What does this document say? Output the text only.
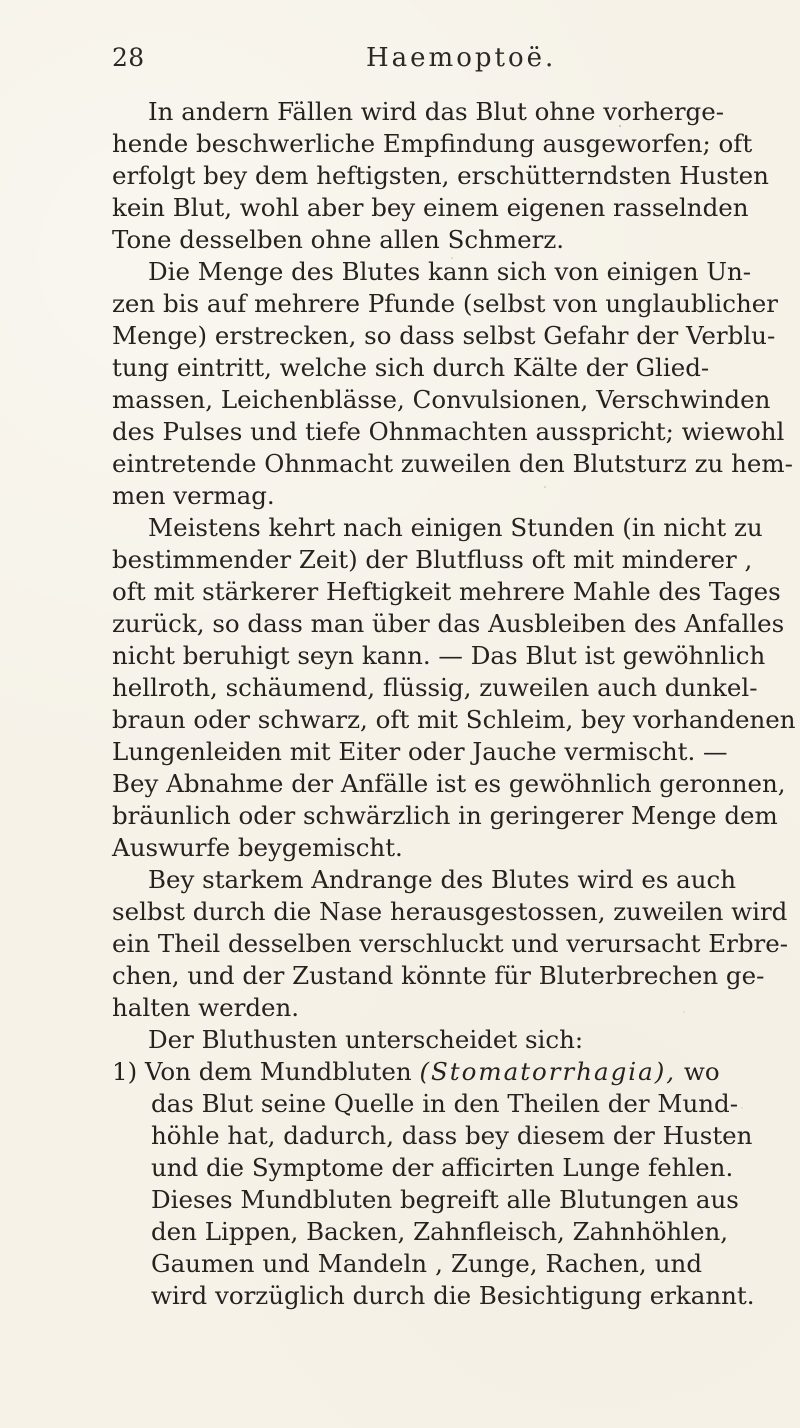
28	Haemoptoë.
In andern Fällen wird das Blut ohne vorherge-
hende beschwerliche Empfindung ausgeworfen; oft
erfolgt bey dem heftigsten, erschütterndsten Husten
kein Blut, wohl aber bey einem eigenen rasselnden
Tone desselben ohne allen Schmerz.
Die Menge des Blutes kann sich von einigen Un-
zen bis auf mehrere Pfunde (selbst von unglaublicher
Menge) erstrecken, so dass selbst Gefahr der Verblu-
tung eintritt, welche sich durch Kälte der Glied-
massen, Leichenblässe, Convulsionen, Verschwinden
des Pulses und tiefe Ohnmachten ausspricht; wiewohl
eintretende Ohnmacht zuweilen den Blutsturz zu hem-
men vermag.
Meistens kehrt nach einigen Stunden (in nicht zu
bestimmender Zeit) der Blutfluss oft mit minderer ,
oft mit stärkerer Heftigkeit mehrere Mahle des Tages
zurück, so dass man über das Ausbleiben des Anfalles
nicht beruhigt seyn kann. — Das Blut ist gewöhnlich
hellroth, schäumend, flüssig, zuweilen auch dunkel-
braun oder schwarz, oft mit Schleim, bey vorhandenen
Lungenleiden mit Eiter oder Jauche vermischt. —
Bey Abnahme der Anfälle ist es gewöhnlich geronnen,
bräunlich oder schwärzlich in geringerer Menge dem
Auswurfe beygemischt.
Bey starkem Andrange des Blutes wird es auch
selbst durch die Nase herausgestossen, zuweilen wird
ein Theil desselben verschluckt und verursacht Erbre-
chen, und der Zustand könnte für Bluterbrechen ge-
halten werden.
Der Bluthusten unterscheidet sich:
1) Von dem Mundbluten (Stomatorrhagia), wo
das Blut seine Quelle in den Theilen der Mund-
höhle hat, dadurch, dass bey diesem der Husten
und die Symptome der afficirten Lunge fehlen.
Dieses Mundbluten begreift alle Blutungen aus
den Lippen, Backen, Zahnfleisch, Zahnhöhlen,
Gaumen und Mandeln , Zunge, Rachen, und
wird vorzüglich durch die Besichtigung erkannt.
